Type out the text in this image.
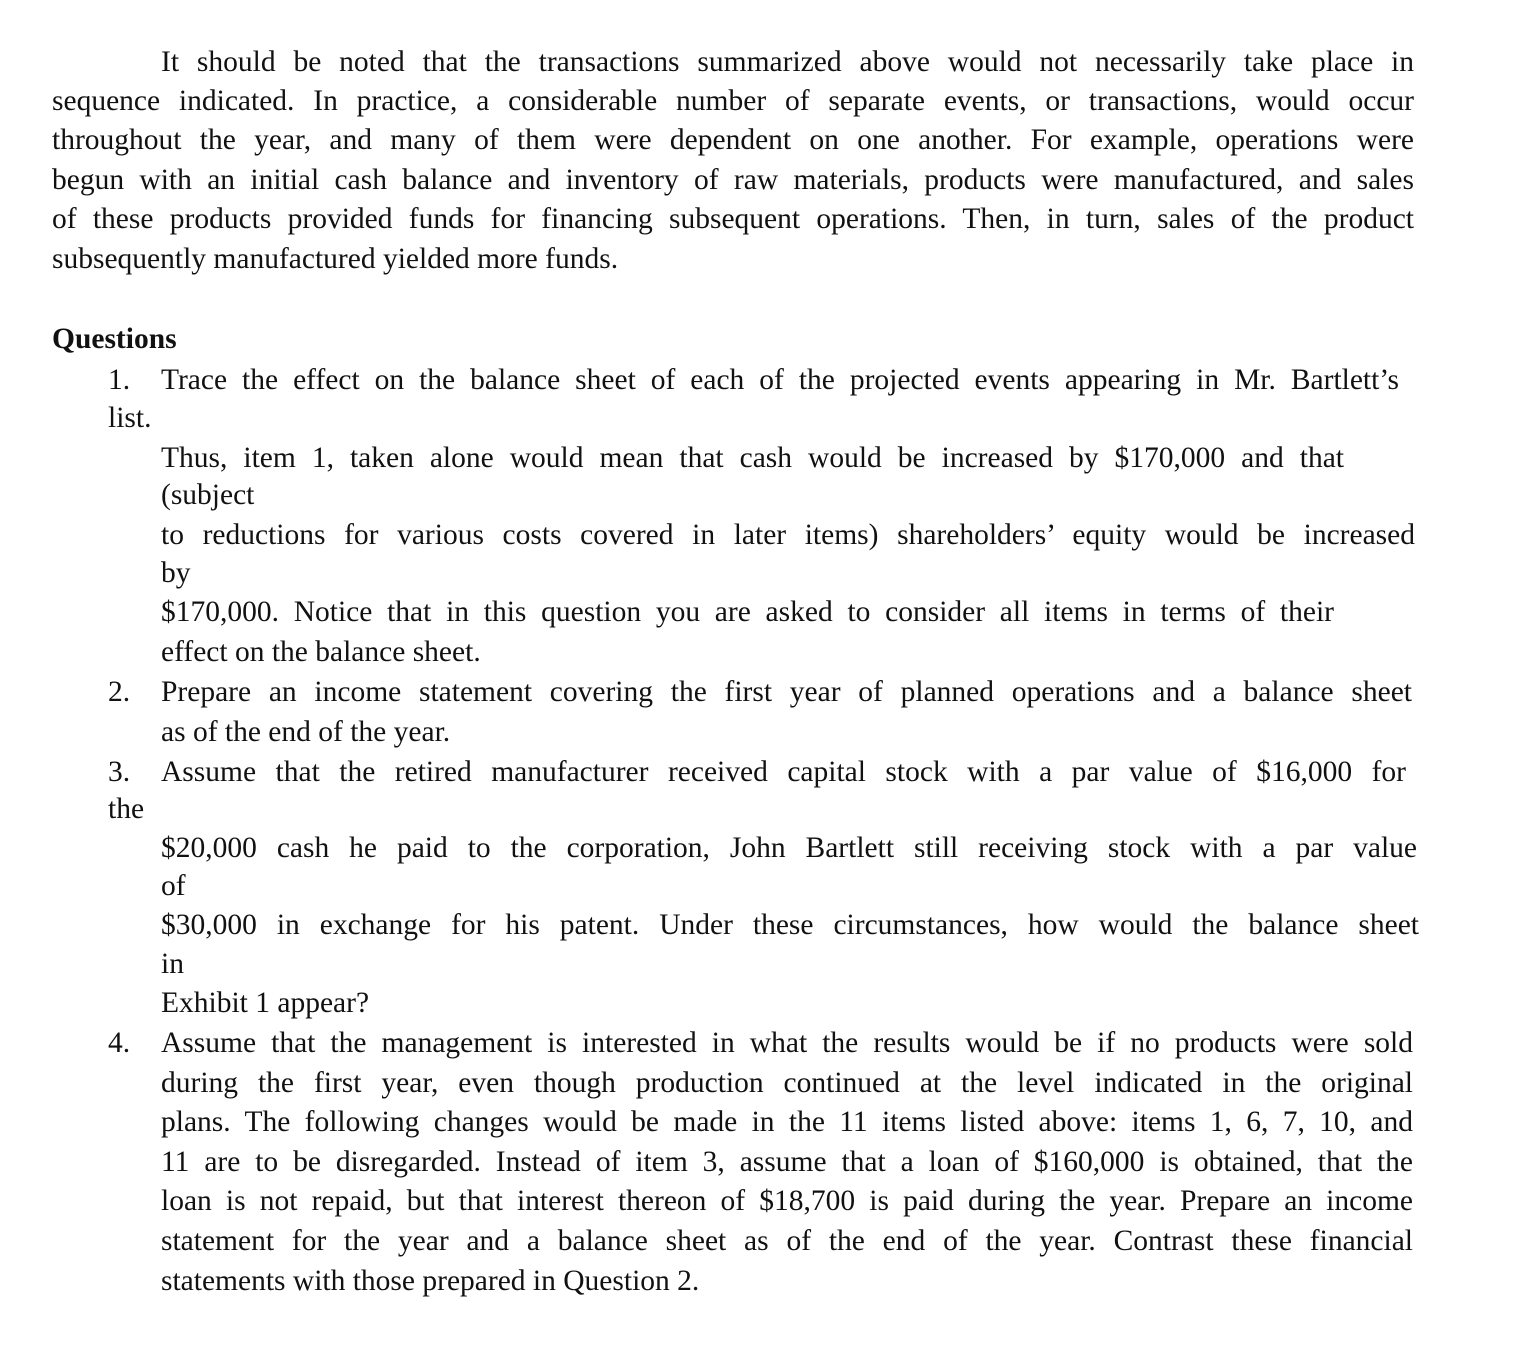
It should be noted that the transactions summarized above would not necessarily take place in
sequence indicated. In practice, a considerable number of separate events, or transactions, would occur
throughout the year, and many of them were dependent on one another. For example, operations were
begun with an initial cash balance and inventory of raw materials, products were manufactured, and sales
of these products provided funds for financing subsequent operations. Then, in turn, sales of the product
subsequently manufactured yielded more funds.
Questions
1. Trace the effect on the balance sheet of each of the projected events appearing in Mr. Bartlett’s
list.
Thus, item 1, taken alone would mean that cash would be increased by $170,000 and that
(subject
to reductions for various costs covered in later items) shareholders’ equity would be increased
by
$170,000. Notice that in this question you are asked to consider all items in terms of their
effect on the balance sheet.
2. Prepare an income statement covering the first year of planned operations and a balance sheet
as of the end of the year.
3. Assume that the retired manufacturer received capital stock with a par value of $16,000 for
the
$20,000 cash he paid to the corporation, John Bartlett still receiving stock with a par value
of
$30,000 in exchange for his patent. Under these circumstances, how would the balance sheet
in
Exhibit 1 appear?
4. Assume that the management is interested in what the results would be if no products were sold
during the first year, even though production continued at the level indicated in the original
plans. The following changes would be made in the 11 items listed above: items 1, 6, 7, 10, and
11 are to be disregarded. Instead of item 3, assume that a loan of $160,000 is obtained, that the
loan is not repaid, but that interest thereon of $18,700 is paid during the year. Prepare an income
statement for the year and a balance sheet as of the end of the year. Contrast these financial
statements with those prepared in Question 2.
